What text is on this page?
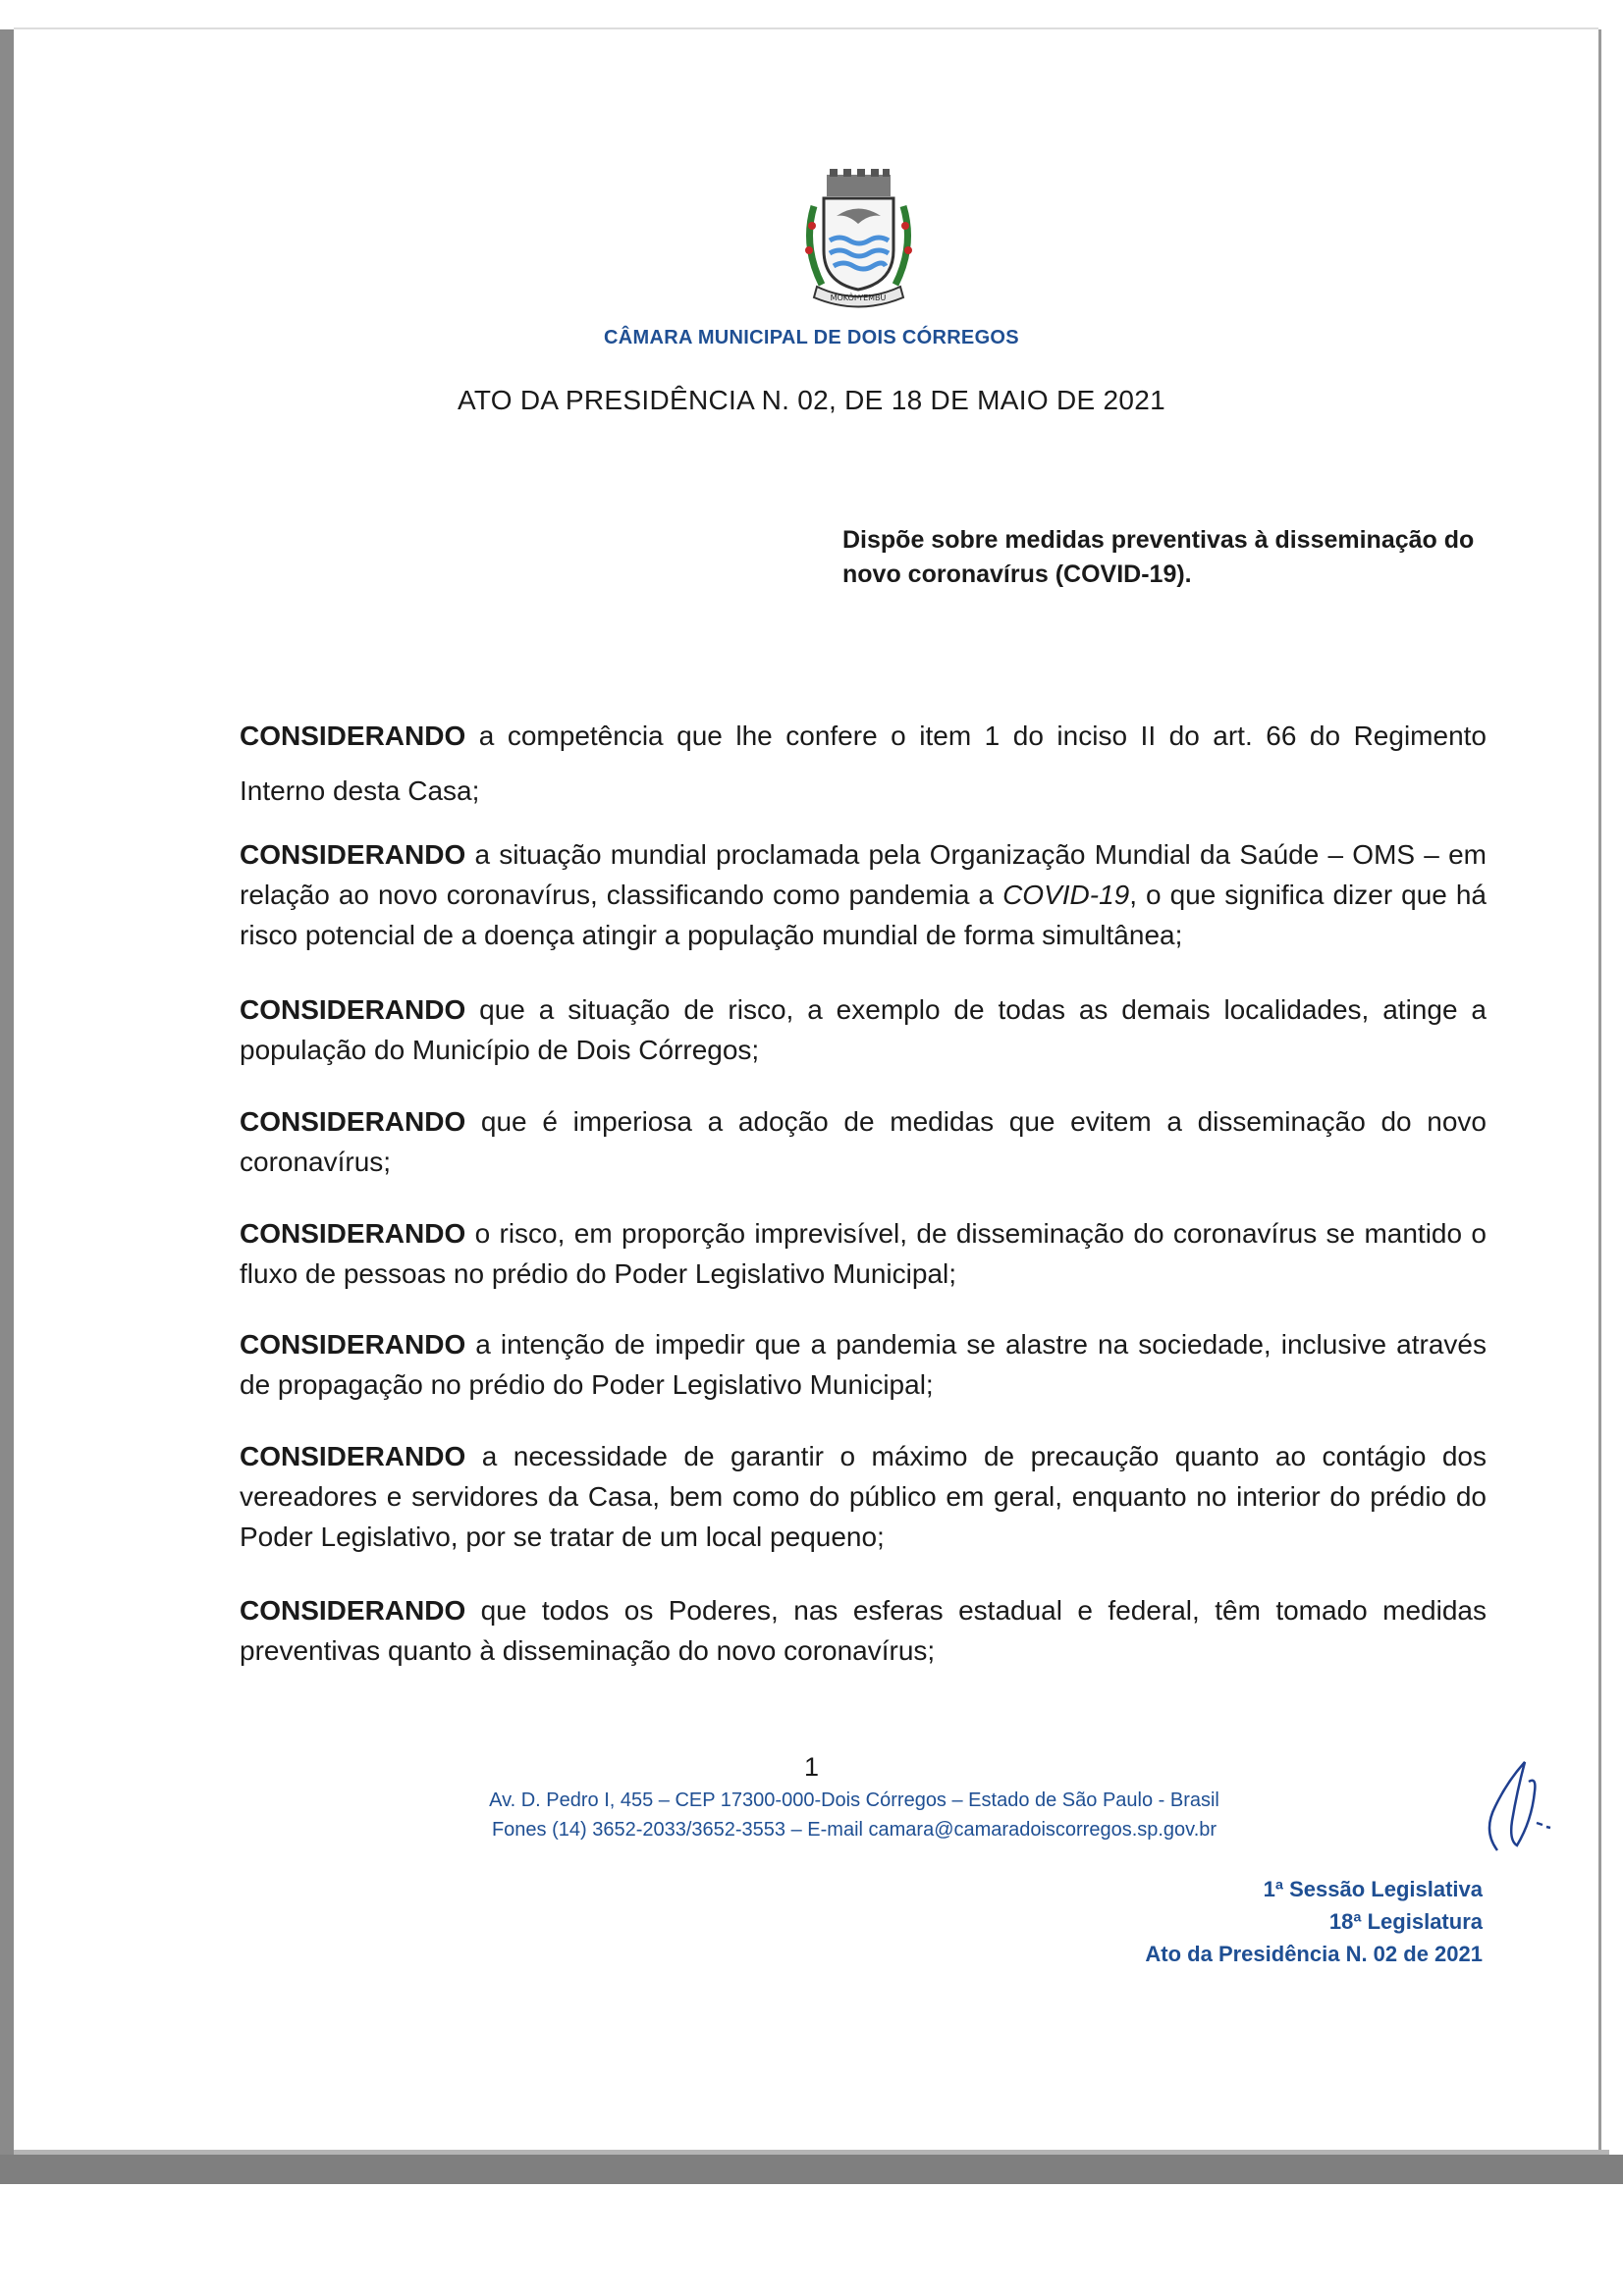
MOKÔI-YEMBU
CÂMARA MUNICIPAL DE DOIS CÓRREGOS
ATO DA PRESIDÊNCIA N. 02, DE 18 DE MAIO DE 2021
Dispõe sobre medidas preventivas à disseminação do novo coronavírus (COVID-19).
CONSIDERANDO a competência que lhe confere o item 1 do inciso II do art. 66 do Regimento Interno desta Casa;
CONSIDERANDO a situação mundial proclamada pela Organização Mundial da Saúde – OMS – em relação ao novo coronavírus, classificando como pandemia a COVID-19, o que significa dizer que há risco potencial de a doença atingir a população mundial de forma simultânea;
CONSIDERANDO que a situação de risco, a exemplo de todas as demais localidades, atinge a população do Município de Dois Córregos;
CONSIDERANDO que é imperiosa a adoção de medidas que evitem a disseminação do novo coronavírus;
CONSIDERANDO o risco, em proporção imprevisível, de disseminação do coronavírus se mantido o fluxo de pessoas no prédio do Poder Legislativo Municipal;
CONSIDERANDO a intenção de impedir que a pandemia se alastre na sociedade, inclusive através de propagação no prédio do Poder Legislativo Municipal;
CONSIDERANDO a necessidade de garantir o máximo de precaução quanto ao contágio dos vereadores e servidores da Casa, bem como do público em geral, enquanto no interior do prédio do Poder Legislativo, por se tratar de um local pequeno;
CONSIDERANDO que todos os Poderes, nas esferas estadual e federal, têm tomado medidas preventivas quanto à disseminação do novo coronavírus;
1
Av. D. Pedro I, 455 – CEP 17300-000-Dois Córregos – Estado de São Paulo - Brasil
Fones (14) 3652-2033/3652-3553 – E-mail camara@camaradoiscorregos.sp.gov.br
1ª Sessão Legislativa
18ª Legislatura
Ato da Presidência N. 02 de 2021
